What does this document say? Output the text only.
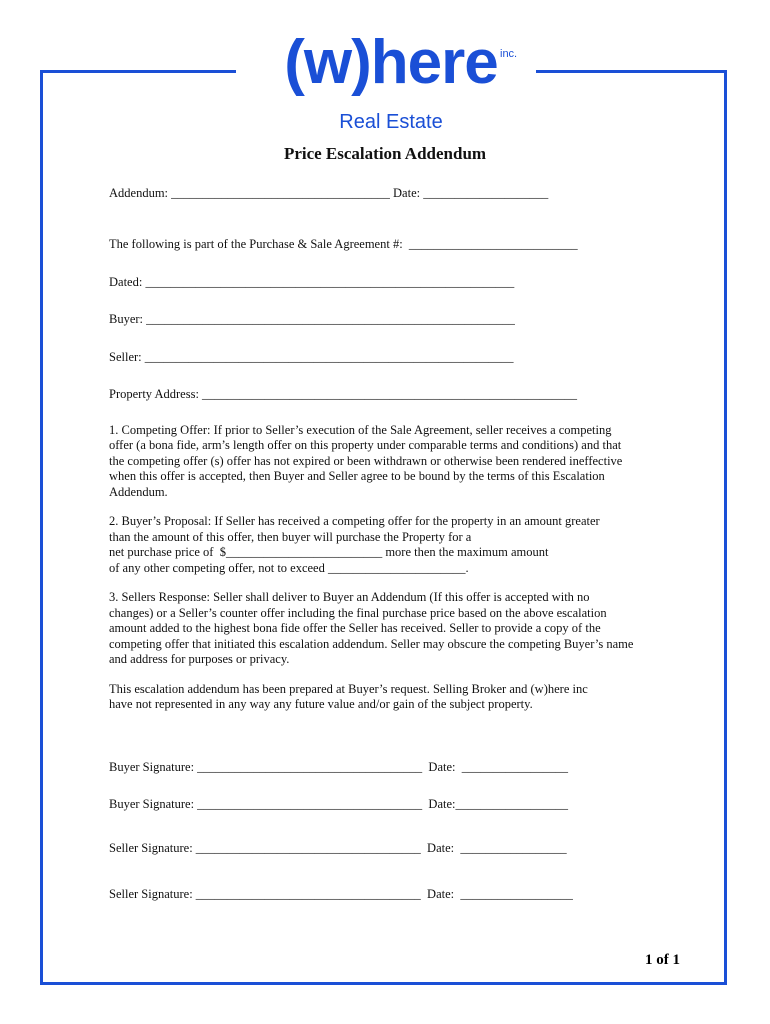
(w)here inc.
Real Estate
Price Escalation Addendum
Addendum: ___________________________________ Date: ____________________
The following is part of the Purchase & Sale Agreement #:  ___________________________
Dated: ___________________________________________________________
Buyer: ___________________________________________________________
Seller: ___________________________________________________________
Property Address: ____________________________________________________________

1. Competing Offer: If prior to Seller’s execution of the Sale Agreement, seller receives a competing offer (a bona fide, arm’s length offer on this property under comparable terms and conditions) and that the competing offer (s) offer has not expired or been withdrawn or otherwise been rendered ineffective when this offer is accepted, then Buyer and Seller agree to be bound by the terms of this Escalation Addendum.

2. Buyer’s Proposal: If Seller has received a competing offer for the property in an amount greater than the amount of this offer, then buyer will purchase the Property for a

net purchase price of  $_________________________ more then the maximum amount
of any other competing offer, not to exceed ______________________.

3. Sellers Response: Seller shall deliver to Buyer an Addendum (If this offer is accepted with no changes) or a Seller’s counter offer including the final purchase price based on the above escalation amount added to the highest bona fide offer the Seller has received. Seller to provide a copy of the competing offer that initiated this escalation addendum. Seller may obscure the competing Buyer’s name and address for purposes or privacy.

This escalation addendum has been prepared at Buyer’s request. Selling Broker and (w)here inc have not represented in any way any future value and/or gain of the subject property.

Buyer Signature: ____________________________________  Date:  _________________
Buyer Signature: ____________________________________  Date:__________________
Seller Signature: ____________________________________  Date:  _________________
Seller Signature: ____________________________________  Date:  __________________
1 of 1
